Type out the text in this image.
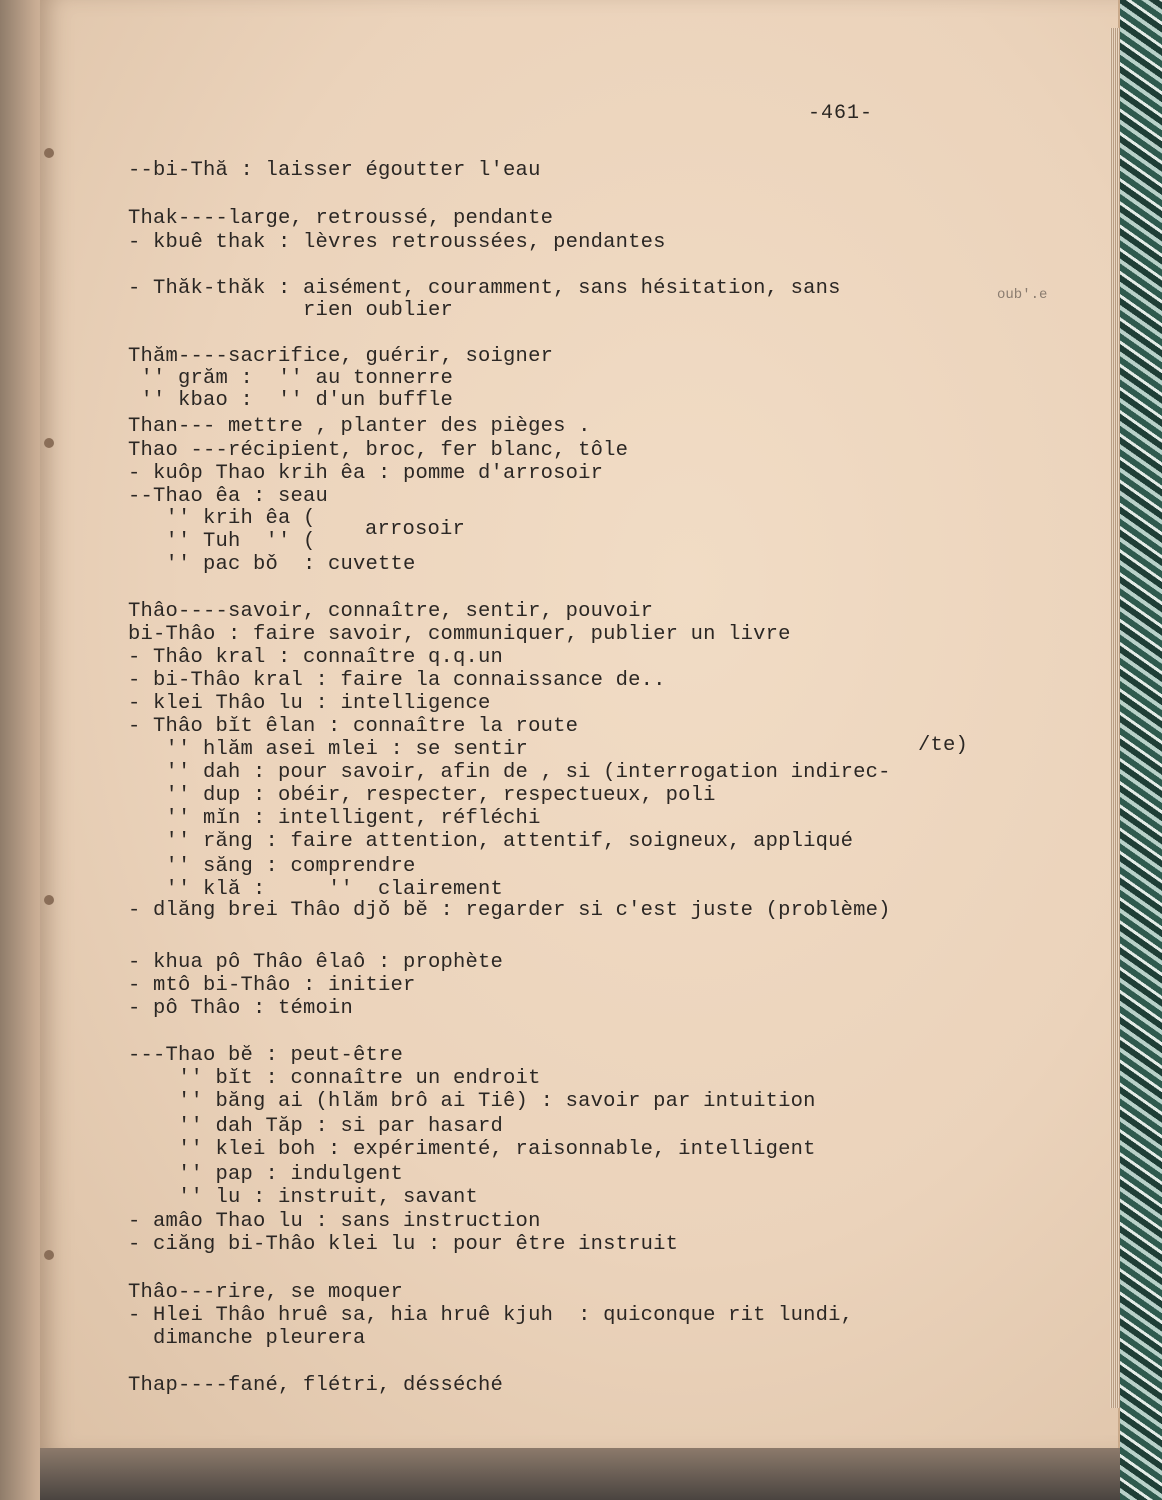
-461-
oub'.e
--bi-Thă : laisser égoutter l'eau
Thak----large, retroussé, pendante
- kbuê thak : lèvres retroussées, pendantes
- Thăk-thăk : aisément, couramment, sans hésitation, sans
rien oublier
Thăm----sacrifice, guérir, soigner
'' grăm :  '' au tonnerre
'' kbao :  '' d'un buffle
Than--- mettre , planter des pièges .
Thao ---récipient, broc, fer blanc, tôle
- kuôp Thao krih êa : pomme d'arrosoir
--Thao êa : seau
'' krih êa (
'' Tuh  '' (
arrosoir
'' pac bǒ  : cuvette
Thâo----savoir, connaître, sentir, pouvoir
bi-Thâo : faire savoir, communiquer, publier un livre
- Thâo kral : connaître q.q.un
- bi-Thâo kral : faire la connaissance de..
- klei Thâo lu : intelligence
- Thâo bĭt êlan : connaître la route
'' hlăm asei mlei : se sentir	/te)
'' dah : pour savoir, afin de , si (interrogation indirec-
'' dup : obéir, respecter, respectueux, poli
'' mĭn : intelligent, réfléchi
'' răng : faire attention, attentif, soigneux, appliqué
'' săng : comprendre
'' klă :     ''  clairement
- dlăng brei Thâo djǒ bĕ : regarder si c'est juste (problème)
- khua pô Thâo êlaô : prophète
- mtô bi-Thâo : initier
- pô Thâo : témoin
---Thao bĕ : peut-être
'' bĭt : connaître un endroit
'' băng ai (hlăm brô ai Tiê) : savoir par intuition
'' dah Tăp : si par hasard
'' klei boh : expérimenté, raisonnable, intelligent
'' pap : indulgent
'' lu : instruit, savant
- amâo Thao lu : sans instruction
- ciăng bi-Thâo klei lu : pour être instruit
Thâo---rire, se moquer
- Hlei Thâo hruê sa, hia hruê kjuh  : quiconque rit lundi,
dimanche pleurera
Thap----fané, flétri, désséché
